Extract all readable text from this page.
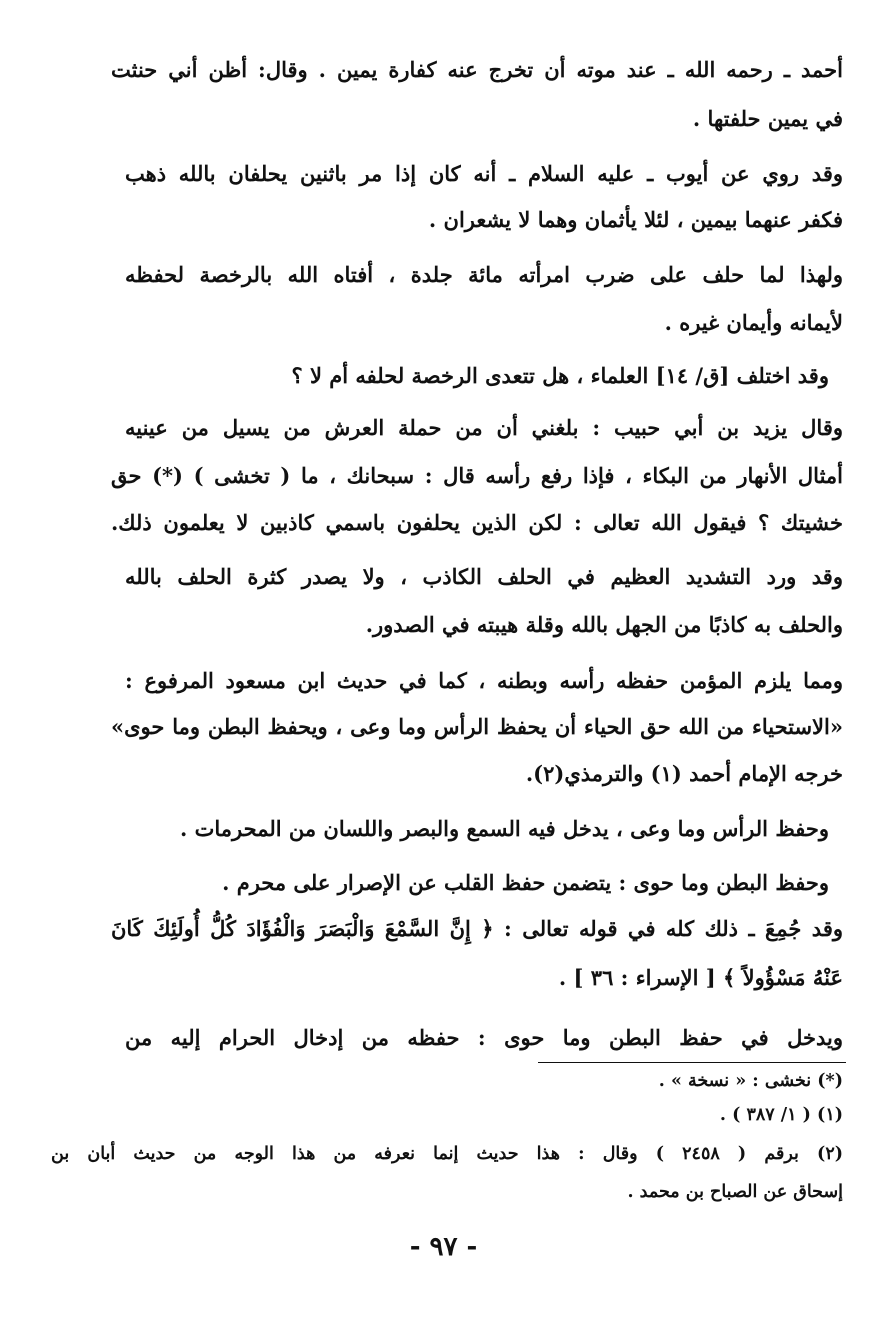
أحمد ـ رحمه الله ـ عند موته أن تخرج عنه كفارة يمين . وقال: أظن أني حنثت
في يمين حلفتها .
وقد روي عن أيوب ـ عليه السلام ـ أنه كان إذا مر باثنين يحلفان بالله ذهب
فكفر عنهما بيمين ، لئلا يأثمان وهما لا يشعران .
ولهذا لما حلف على ضرب امرأته مائة جلدة ، أفتاه الله بالرخصة لحفظه
لأيمانه وأيمان غيره .
وقد اختلف [ق/ ١٤] العلماء ، هل تتعدى الرخصة لحلفه أم لا ؟
وقال يزيد بن أبي حبيب : بلغني أن من حملة العرش من يسيل من عينيه
أمثال الأنهار من البكاء ، فإذا رفع رأسه قال : سبحانك ، ما ( تخشى ) (*) حق
خشيتك ؟ فيقول الله تعالى : لكن الذين يحلفون باسمي كاذبين لا يعلمون ذلك.
وقد ورد التشديد العظيم في الحلف الكاذب ، ولا يصدر كثرة الحلف بالله
والحلف به كاذبًا من الجهل بالله وقلة هيبته في الصدور.
ومما يلزم المؤمن حفظه رأسه وبطنه ، كما في حديث ابن مسعود المرفوع :
«الاستحياء من الله حق الحياء أن يحفظ الرأس وما وعى ، ويحفظ البطن وما حوى»
خرجه الإمام أحمد (١) والترمذي(٢).
وحفظ الرأس وما وعى ، يدخل فيه السمع والبصر واللسان من المحرمات .
وحفظ البطن وما حوى : يتضمن حفظ القلب عن الإصرار على محرم .
وقد جُمِعَ ـ ذلك كله في قوله تعالى : ﴿ إِنَّ السَّمْعَ وَالْبَصَرَ وَالْفُؤَادَ كُلُّ أُولَئِكَ كَانَ
عَنْهُ مَسْؤُولاً ﴾ [ الإسراء : ٣٦ ] .
ويدخل في حفظ البطن وما حوى : حفظه من إدخال الحرام إليه من
(*) نخشى : « نسخة » .
(١) ( ١/ ٣٨٧ ) .
(٢) برقم ( ٢٤٥٨ ) وقال : هذا حديث إنما نعرفه من هذا الوجه من حديث أبان بن
إسحاق عن الصباح بن محمد .
- ٩٧ -
